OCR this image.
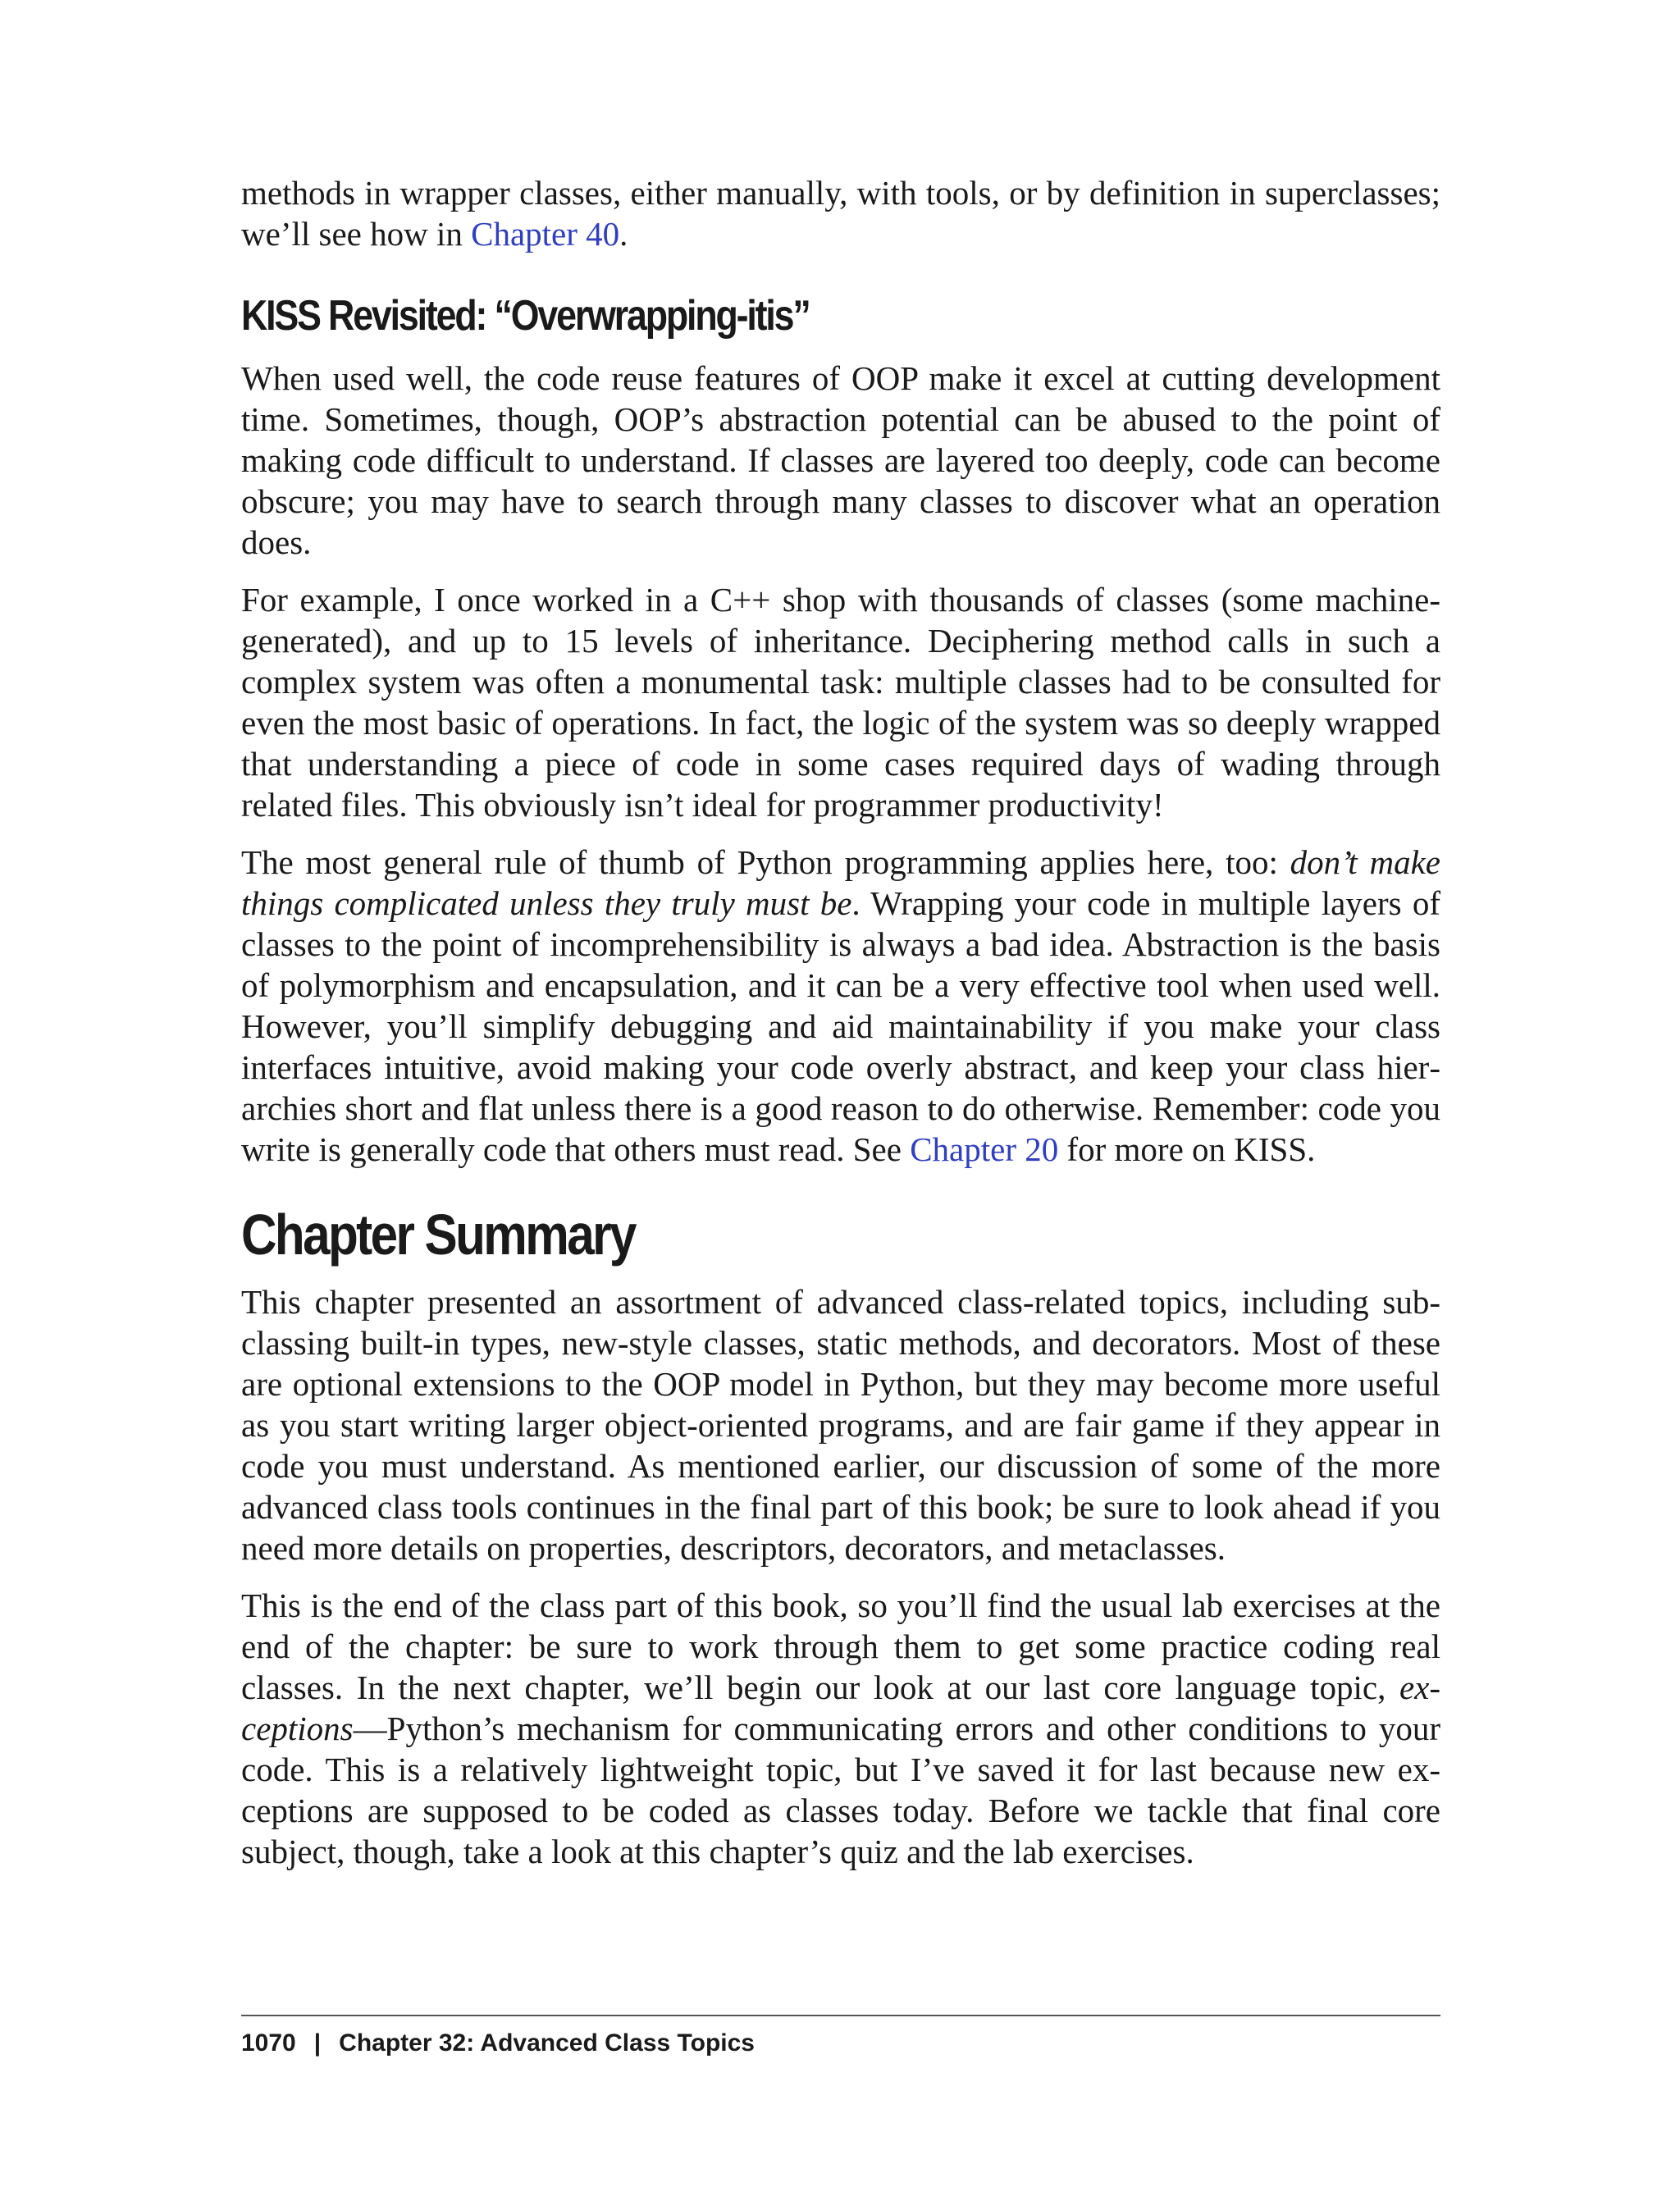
methods in wrapper classes, either manually, with tools, or by definition in superclasses; we’ll see how in Chapter 40.

KISS Revisited: “Overwrapping-itis”

When used well, the code reuse features of OOP make it excel at cutting development time. Sometimes, though, OOP’s abstraction potential can be abused to the point of making code difficult to understand. If classes are layered too deeply, code can become obscure; you may have to search through many classes to discover what an operation does.

For example, I once worked in a C++ shop with thousands of classes (some machine-generated), and up to 15 levels of inheritance. Deciphering method calls in such a complex system was often a monumental task: multiple classes had to be consulted for even the most basic of operations. In fact, the logic of the system was so deeply wrapped that understanding a piece of code in some cases required days of wading through related files. This obviously isn’t ideal for programmer productivity!

The most general rule of thumb of Python programming applies here, too: don’t make things complicated unless they truly must be. Wrapping your code in multiple layers of classes to the point of incomprehensibility is always a bad idea. Abstraction is the basis of polymorphism and encapsulation, and it can be a very effective tool when used well. However, you’ll simplify debugging and aid maintainability if you make your class interfaces intuitive, avoid making your code overly abstract, and keep your class hierarchies short and flat unless there is a good reason to do otherwise. Remember: code you write is generally code that others must read. See Chapter 20 for more on KISS.

Chapter Summary

This chapter presented an assortment of advanced class-related topics, including subclassing built-in types, new-style classes, static methods, and decorators. Most of these are optional extensions to the OOP model in Python, but they may become more useful as you start writing larger object-oriented programs, and are fair game if they appear in code you must understand. As mentioned earlier, our discussion of some of the more advanced class tools continues in the final part of this book; be sure to look ahead if you need more details on properties, descriptors, decorators, and metaclasses.

This is the end of the class part of this book, so you’ll find the usual lab exercises at the end of the chapter: be sure to work through them to get some practice coding real classes. In the next chapter, we’ll begin our look at our last core language topic, exceptions—Python’s mechanism for communicating errors and other conditions to your code. This is a relatively lightweight topic, but I’ve saved it for last because new exceptions are supposed to be coded as classes today. Before we tackle that final core subject, though, take a look at this chapter’s quiz and the lab exercises.

1070 | Chapter 32: Advanced Class Topics
